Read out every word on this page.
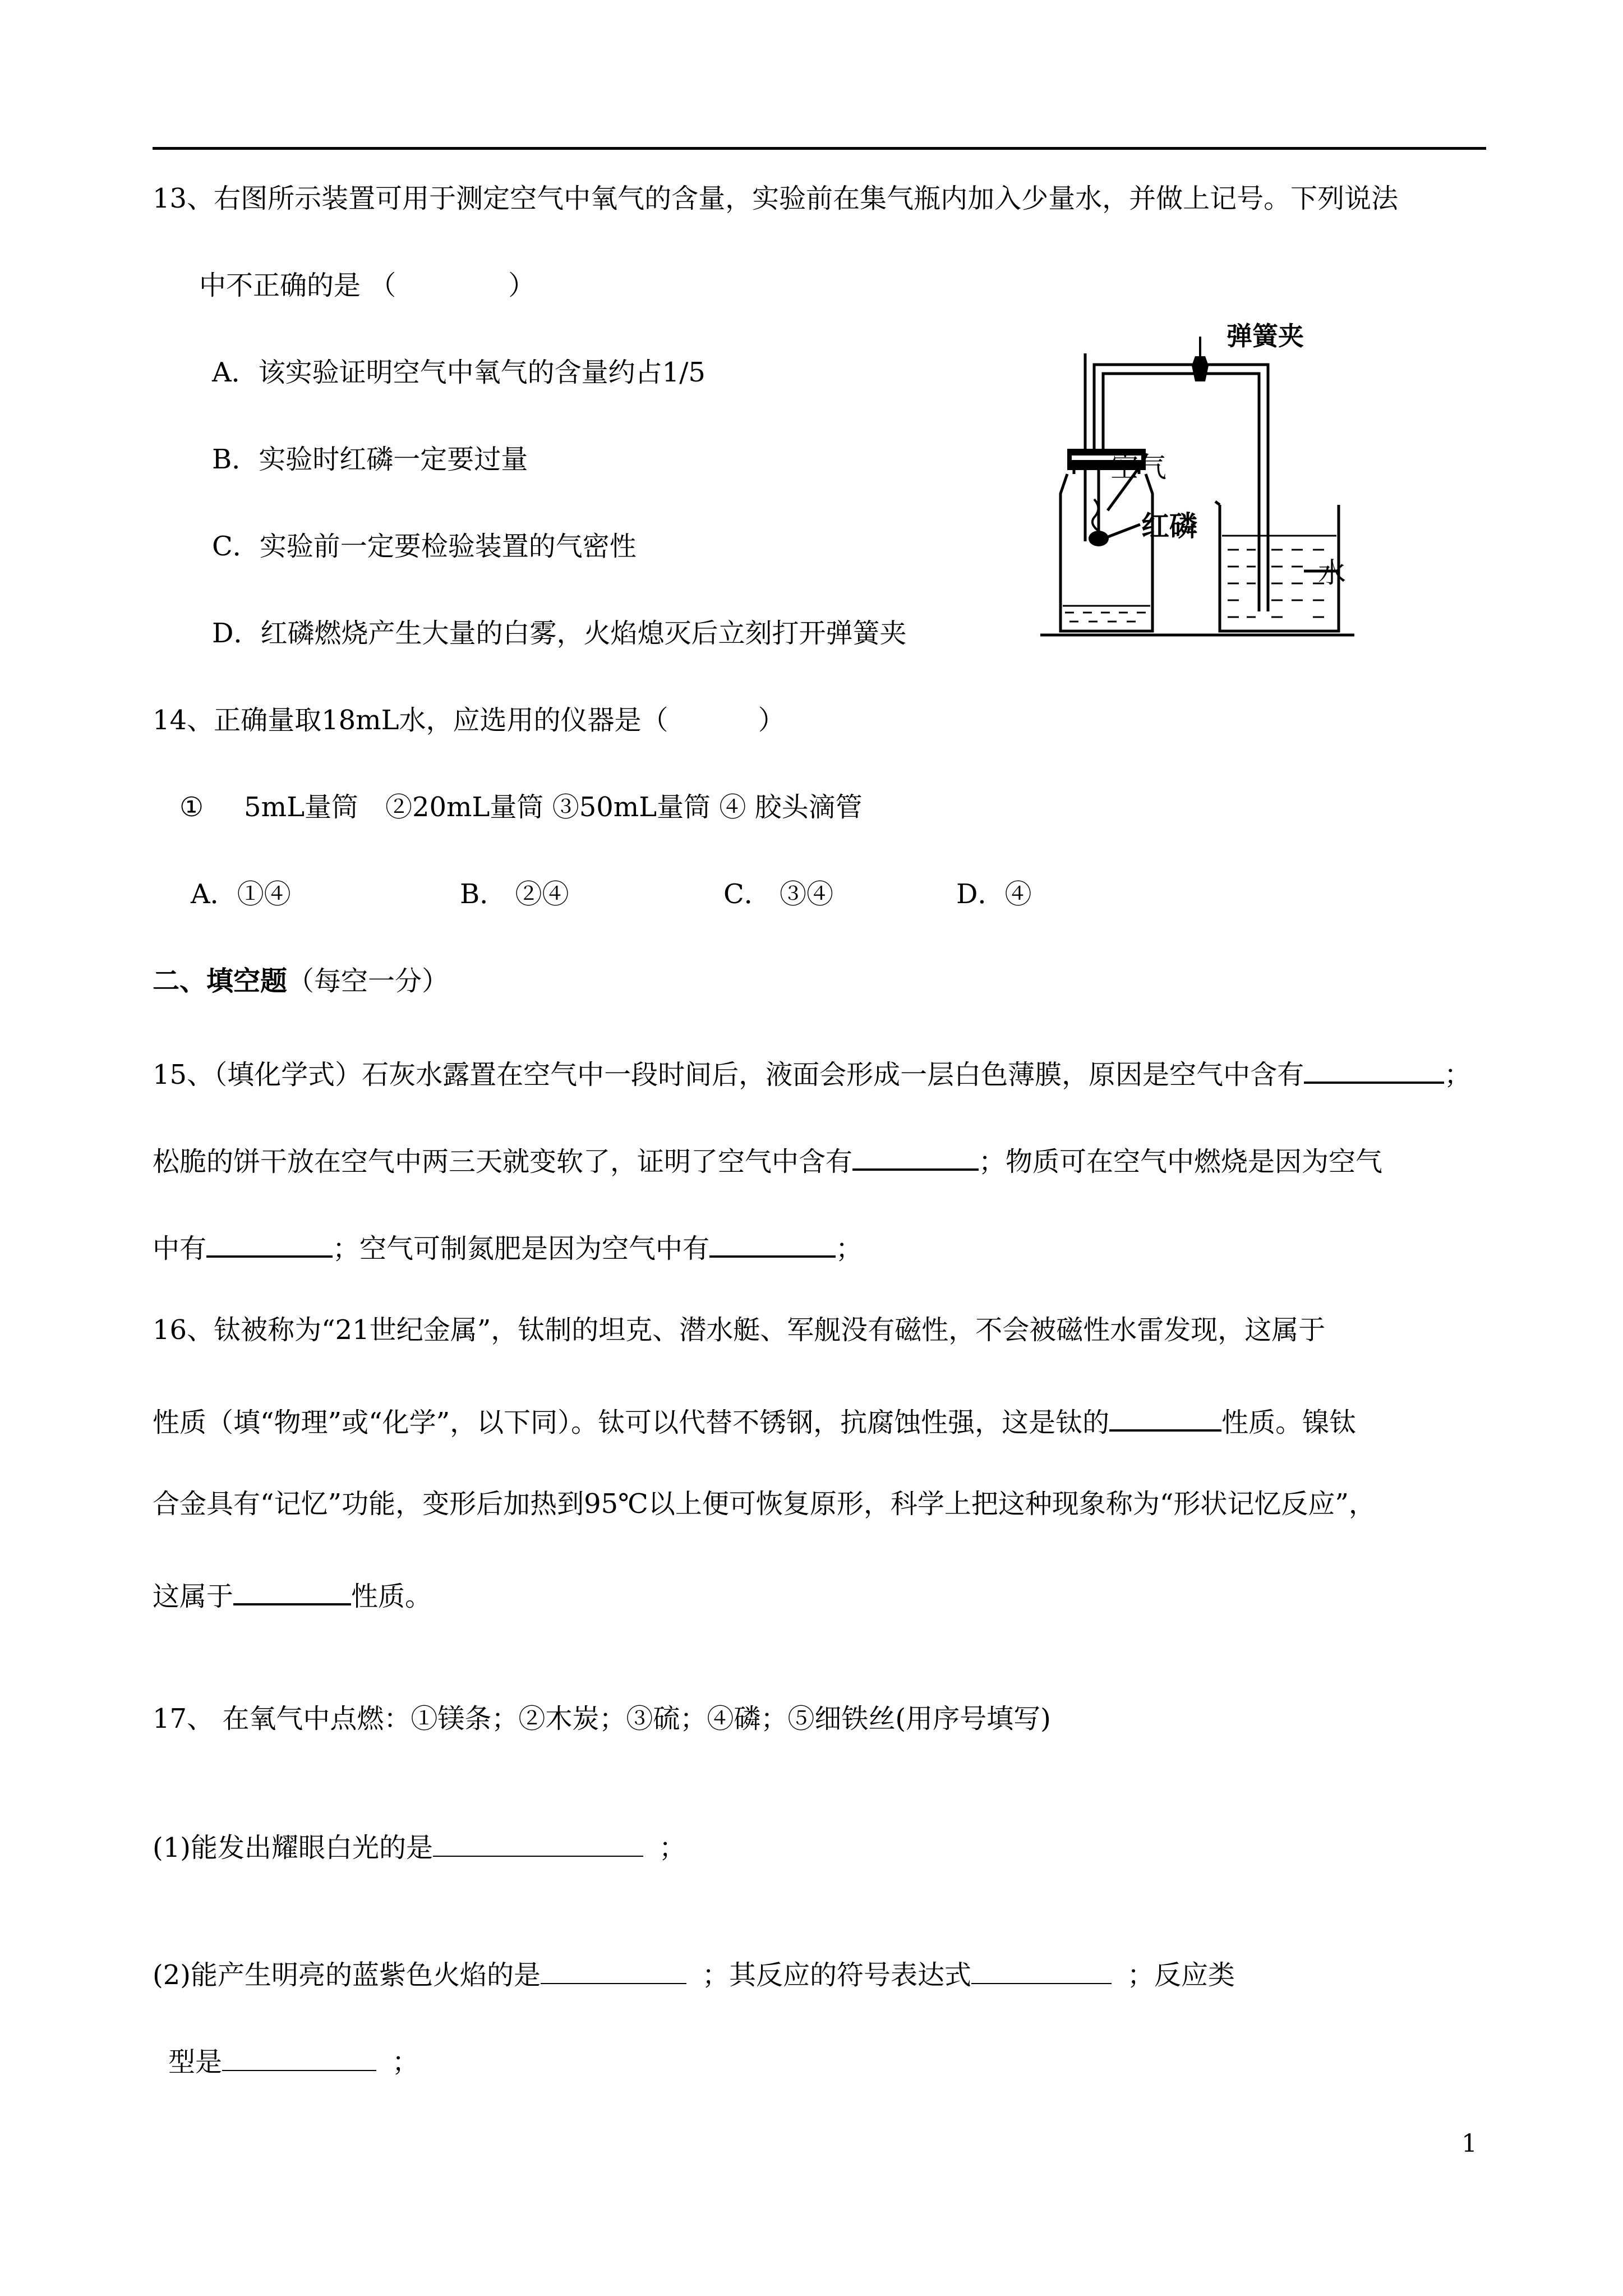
13、右图所示装置可用于测定空气中氧气的含量，实验前在集气瓶内加入少量水，并做上记号。下列说法
中不正确的是 （	）
A．该实验证明空气中氧气的含量约占1/5
B．实验时红磷一定要过量
C．实验前一定要检验装置的气密性
D．红磷燃烧产生大量的白雾，火焰熄灭后立刻打开弹簧夹
弹簧夹
空气
红磷
水
14、正确量取18mL水，应选用的仪器是（	）
① 5mL量筒　②20mL量筒 ③50mL量筒 ④ 胶头滴管
A．①④	B． ②④	C． ③④	D．④
二、填空题（每空一分）
15、（填化学式）石灰水露置在空气中一段时间后，液面会形成一层白色薄膜，原因是空气中含有	；
松脆的饼干放在空气中两三天就变软了，证明了空气中含有	；物质可在空气中燃烧是因为空气
中有	；空气可制氮肥是因为空气中有	；
16、钛被称为“21世纪金属”，钛制的坦克、潜水艇、军舰没有磁性，不会被磁性水雷发现，这属于
性质（填“物理”或“化学”，以下同）。钛可以代替不锈钢，抗腐蚀性强，这是钛的	性质。镍钛
合金具有“记忆”功能，变形后加热到95℃以上便可恢复原形，科学上把这种现象称为“形状记忆反应”，
这属于	性质。
17、 在氧气中点燃：①镁条；②木炭；③硫；④磷；⑤细铁丝(用序号填写)
(1)能发出耀眼白光的是	；
(2)能产生明亮的蓝紫色火焰的是	；其反应的符号表达式	；反应类
型是	；
1
